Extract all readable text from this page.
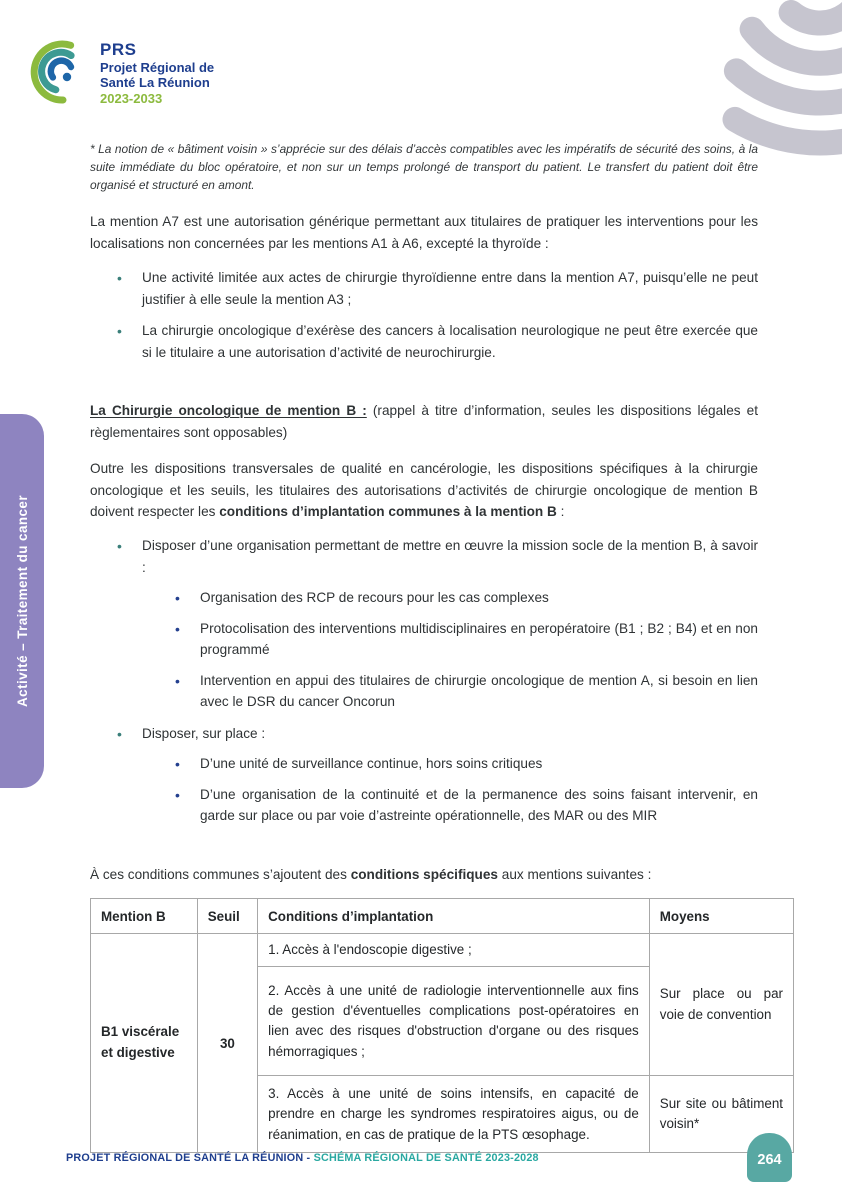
PRS
Projet Régional de
Santé La Réunion
2023-2033
Activité – Traitement du cancer

* La notion de « bâtiment voisin » s’apprécie sur des délais d’accès compatibles avec les impératifs de sécurité des soins, à la suite immédiate du bloc opératoire, et non sur un temps prolongé de transport du patient. Le transfert du patient doit être organisé et structuré en amont.

La mention A7 est une autorisation générique permettant aux titulaires de pratiquer les interventions pour les localisations non concernées par les mentions A1 à A6, excepté la thyroïde :

• Une activité limitée aux actes de chirurgie thyroïdienne entre dans la mention A7, puisqu’elle ne peut justifier à elle seule la mention A3 ;
• La chirurgie oncologique d’exérèse des cancers à localisation neurologique ne peut être exercée que si le titulaire a une autorisation d’activité de neurochirurgie.

La Chirurgie oncologique de mention B : (rappel à titre d’information, seules les dispositions légales et règlementaires sont opposables)

Outre les dispositions transversales de qualité en cancérologie, les dispositions spécifiques à la chirurgie oncologique et les seuils, les titulaires des autorisations d’activités de chirurgie oncologique de mention B doivent respecter les conditions d’implantation communes à la mention B :

• Disposer d’une organisation permettant de mettre en œuvre la mission socle de la mention B, à savoir :
• Organisation des RCP de recours pour les cas complexes
• Protocolisation des interventions multidisciplinaires en peropératoire (B1 ; B2 ; B4) et en non programmé
• Intervention en appui des titulaires de chirurgie oncologique de mention A, si besoin en lien avec le DSR du cancer Oncorun
• Disposer, sur place :
• D’une unité de surveillance continue, hors soins critiques
• D’une organisation de la continuité et de la permanence des soins faisant intervenir, en garde sur place ou par voie d’astreinte opérationnelle, des MAR ou des MIR

À ces conditions communes s’ajoutent des conditions spécifiques aux mentions suivantes :

Mention B	Seuil	Conditions d’implantation	Moyens
B1 viscérale et digestive	30	1. Accès à l'endoscopie digestive ;	Sur place ou par voie de convention
		2. Accès à une unité de radiologie interventionnelle aux fins de gestion d'éventuelles complications post-opératoires en lien avec des risques d'obstruction d'organe ou des risques hémorragiques ;	
		3. Accès à une unité de soins intensifs, en capacité de prendre en charge les syndromes respiratoires aigus, ou de réanimation, en cas de pratique de la PTS œsophage.	Sur site ou bâtiment voisin*
PROJET RÉGIONAL DE SANTÉ LA RÉUNION - SCHÉMA RÉGIONAL DE SANTÉ 2023-2028	264
